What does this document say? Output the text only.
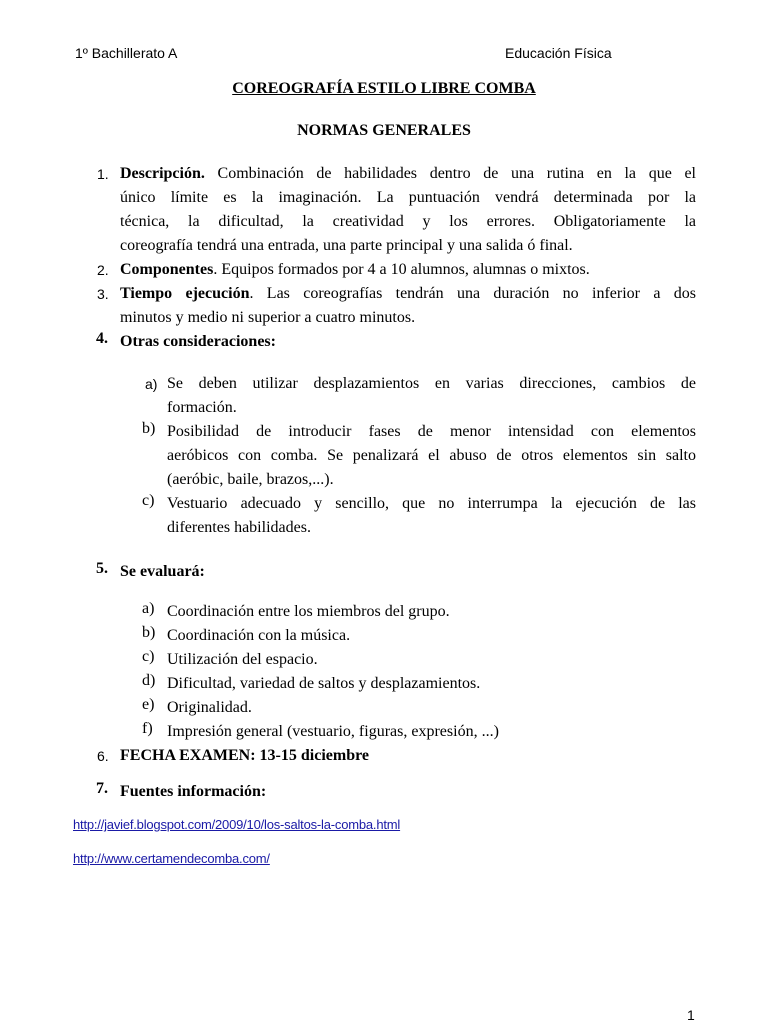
1º Bachillerato A	Educación Física
COREOGRAFÍA ESTILO LIBRE COMBA
NORMAS GENERALES
1. Descripción. Combinación de habilidades dentro de una rutina en la que el
único límite es la imaginación. La puntuación vendrá determinada por la
técnica, la dificultad, la creatividad y los errores. Obligatoriamente la
coreografía tendrá una entrada, una parte principal y una salida ó final.
2. Componentes. Equipos formados por 4 a 10 alumnos, alumnas o mixtos.
3. Tiempo ejecución. Las coreografías tendrán una duración no inferior a dos
minutos y medio ni superior a cuatro minutos.
4. Otras consideraciones:
a) Se deben utilizar desplazamientos en varias direcciones, cambios de
formación.
b) Posibilidad de introducir fases de menor intensidad con elementos
aeróbicos con comba. Se penalizará el abuso de otros elementos sin salto
(aeróbic, baile, brazos,...).
c) Vestuario adecuado y sencillo, que no interrumpa la ejecución de las
diferentes habilidades.
5. Se evaluará:
a) Coordinación entre los miembros del grupo.
b) Coordinación con la música.
c) Utilización del espacio.
d) Dificultad, variedad de saltos y desplazamientos.
e) Originalidad.
f) Impresión general (vestuario, figuras, expresión, ...)
6. FECHA EXAMEN: 13-15 diciembre
7. Fuentes información:
http://javief.blogspot.com/2009/10/los-saltos-la-comba.html
http://www.certamendecomba.com/
1
